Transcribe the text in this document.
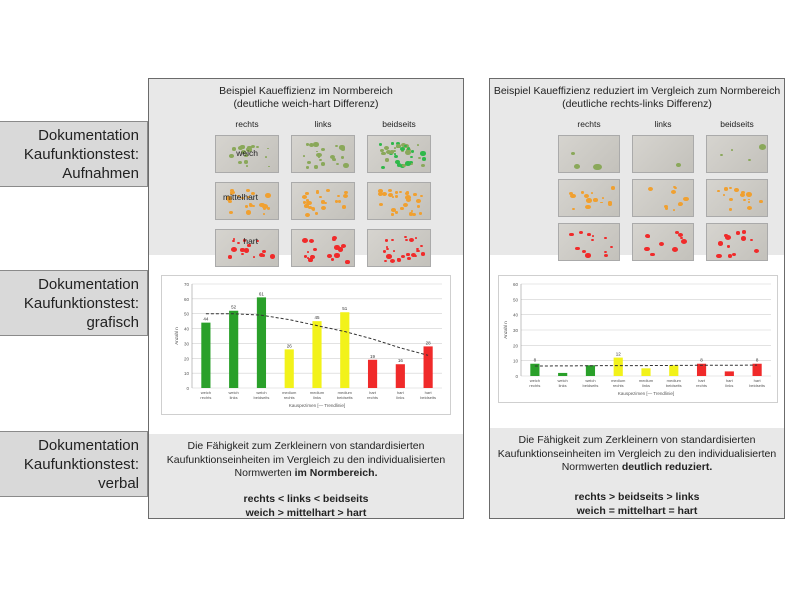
Dokumentation
Kaufunktionstest:
Aufnahmen
Dokumentation
Kaufunktionstest:
grafisch
Dokumentation
Kaufunktionstest:
verbal
Beispiel Kaueffizienz im Normbereich
(deutliche weich-hart Differenz)
rechts	links	beidseits
0
10
20
30
40
50
60
70
44
weich
rechts
52
weich
links
61
weich
beidseits
26
medium
rechts
45
medium
links
51
medium
beidseits
19
hart
rechts
16
hart
links
28
hart
beidseits
Anzahl n
Kauspezimen [— Trendlinie]
Die Fähigkeit zum Zerkleinern von standardisierten
Kaufunktionseinheiten im Vergleich zu den individualisierten
Normwerten im Normbereich.
rechts < links < beidseits
weich > mittelhart > hart
Beispiel Kaueffizienz reduziert im Vergleich zum Normbereich
(deutliche rechts-links Differenz)
rechts	links	beidseits
weich
mittelhart
hart
0
10
20
30
40
50
60
8
weich
rechts
weich
links
weich
beidseits
12
medium
rechts
medium
links
medium
beidseits
8
hart
rechts
hart
links
8
hart
beidseits
Anzahl n
Kauspezimen [— Trendlinie]
Die Fähigkeit zum Zerkleinern von standardisierten
Kaufunktionseinheiten im Vergleich zu den individualisierten
Normwerten deutlich reduziert.
rechts > beidseits > links
weich = mittelhart = hart
